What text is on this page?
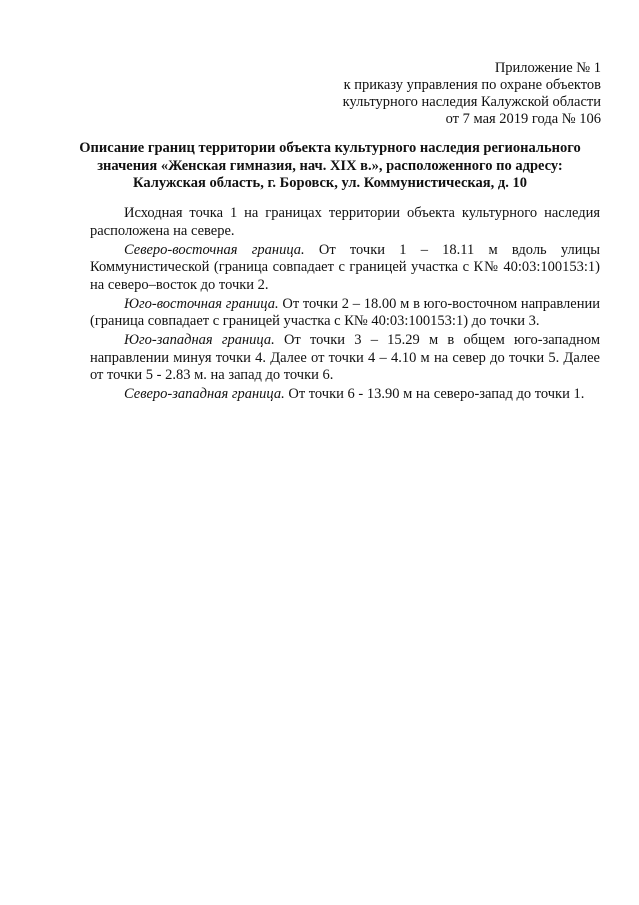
Приложение № 1
к приказу управления по охране объектов
культурного наследия Калужской области
от 7 мая 2019 года № 106
Описание границ территории объекта культурного наследия регионального
значения «Женская гимназия, нач. XIX в.», расположенного по адресу:
Калужская область, г. Боровск, ул. Коммунистическая, д. 10

Исходная точка 1 на границах территории объекта культурного наследия расположена на севере.

Северо-восточная граница. От точки 1 – 18.11 м вдоль улицы Коммунистической (граница совпадает с границей участка с К№ 40:03:100153:1) на северо–восток до точки 2.

Юго-восточная граница. От точки 2 – 18.00 м в юго-восточном направлении (граница совпадает с границей участка с К№ 40:03:100153:1) до точки 3.

Юго-западная граница. От точки 3 – 15.29 м в общем юго-западном направлении минуя точки 4. Далее от точки 4 – 4.10 м на север до точки 5. Далее от точки 5 - 2.83 м. на запад до точки 6.

Северо-западная граница. От точки 6 - 13.90 м на северо-запад до точки 1.
